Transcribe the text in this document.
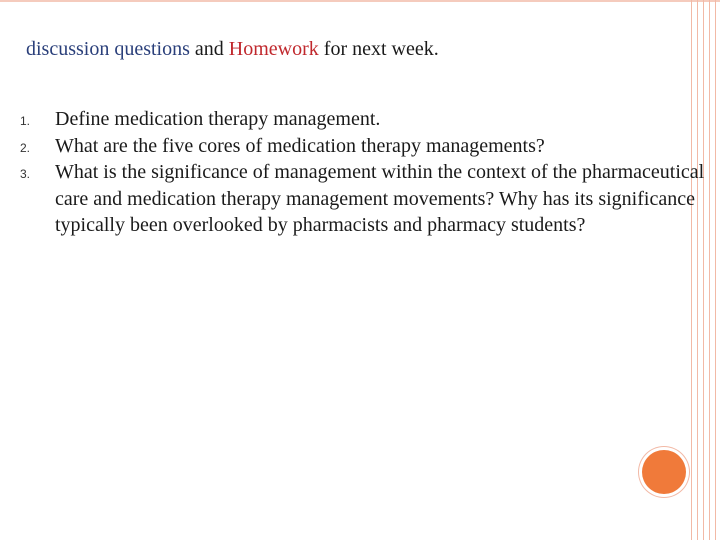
discussion questions and Homework for next week.
1. Define medication therapy management.
2. What are the five cores of medication therapy managements?
3. What is the significance of management within the context of the pharmaceutical care and medication therapy management movements? Why has its significance typically been overlooked by pharmacists and pharmacy students?
